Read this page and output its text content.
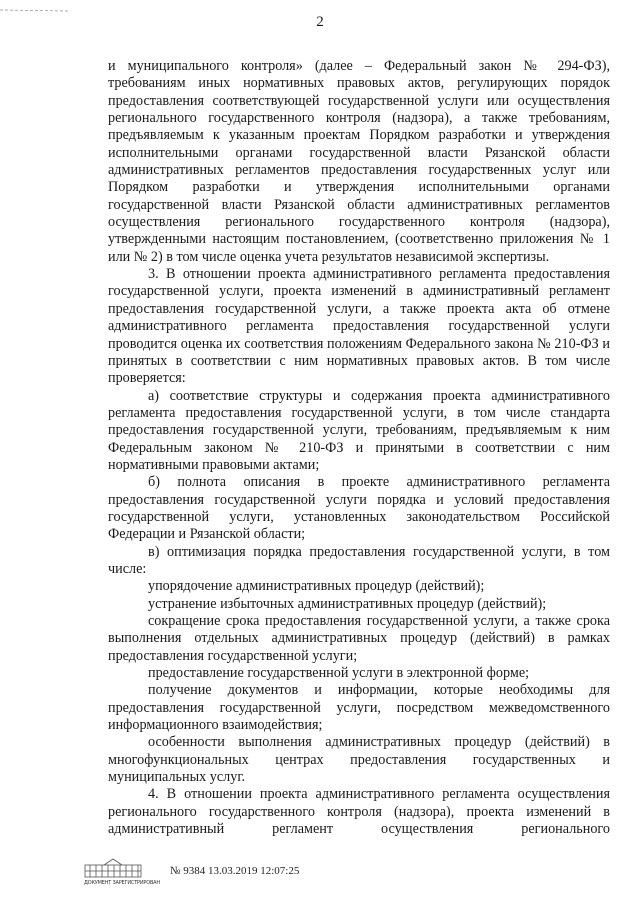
2

и муниципального контроля» (далее – Федеральный закон № 294-ФЗ), требованиям иных нормативных правовых актов, регулирующих порядок предоставления соответствующей государственной услуги или осуществления регионального государственного контроля (надзора), а также требованиям, предъявляемым к указанным проектам Порядком разработки и утверждения исполнительными органами государственной власти Рязанской области административных регламентов предоставления государственных услуг или Порядком разработки и утверждения исполнительными органами государственной власти Рязанской области административных регламентов осуществления регионального государственного контроля (надзора), утвержденными настоящим постановлением, (соответственно приложения № 1 или № 2) в том числе оценка учета результатов независимой экспертизы.

3. В отношении проекта административного регламента предоставления государственной услуги, проекта изменений в административный регламент предоставления государственной услуги, а также проекта акта об отмене административного регламента предоставления государственной услуги проводится оценка их соответствия положениям Федерального закона № 210-ФЗ и принятых в соответствии с ним нормативных правовых актов. В том числе проверяется:

а) соответствие структуры и содержания проекта административного регламента предоставления государственной услуги, в том числе стандарта предоставления государственной услуги, требованиям, предъявляемым к ним Федеральным законом № 210-ФЗ и принятыми в соответствии с ним нормативными правовыми актами;

б) полнота описания в проекте административного регламента предоставления государственной услуги порядка и условий предоставления государственной услуги, установленных законодательством Российской Федерации и Рязанской области;

в) оптимизация порядка предоставления государственной услуги, в том числе:

упорядочение административных процедур (действий);

устранение избыточных административных процедур (действий);

сокращение срока предоставления государственной услуги, а также срока выполнения отдельных административных процедур (действий) в рамках предоставления государственной услуги;

предоставление государственной услуги в электронной форме;

получение документов и информации, которые необходимы для предоставления государственной услуги, посредством межведомственного информационного взаимодействия;

особенности выполнения административных процедур (действий) в многофункциональных центрах предоставления государственных и муниципальных услуг.

4. В отношении проекта административного регламента осуществления регионального государственного контроля (надзора), проекта изменений в административный регламент осуществления регионального

ДОКУМЕНТ ЗАРЕГИСТРИРОВАН
№ 9384 13.03.2019 12:07:25
